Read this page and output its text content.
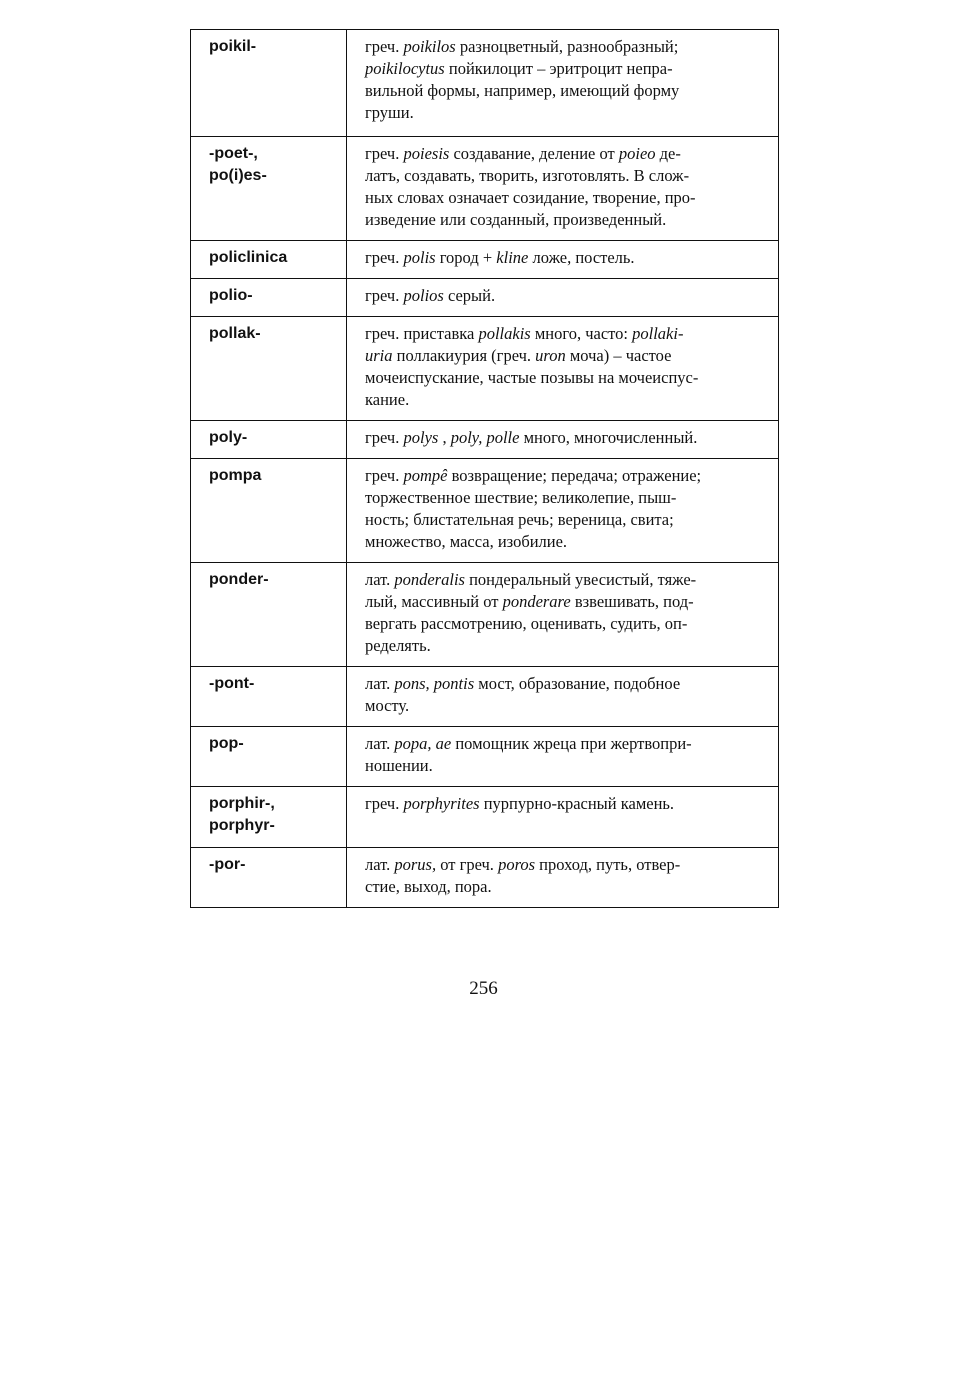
poikil-	греч. poikilos разноцветный, разнообразный;
poikilocytus пойкилоцит – эритроцит непра-
вильной формы, например, имеющий форму
груши.

-poet-,
po(i)es-	греч. poiesis создавание, деление от poieo де-
латъ, создавать, творить, изготовлять. В слож-
ных словах означает созидание, творение, про-
изведение или созданный, произведенный.

policlinica	греч. polis город + kline ложе, постель.

polio-	греч. polios серый.

pollak-	греч. приставка pollakis много, часто: pollaki-
uria поллакиурия (греч. uron моча) – частое
мочеиспускание, частые позывы на мочеиспус-
кание.

poly-	греч. polys , poly, polle много, многочисленный.

pompa	греч. pompê возвращение; передача; отражение;
торжественное шествие; великолепие, пыш-
ность; блистательная речь; вереница, свита;
множество, масса, изобилие.

ponder-	лат. ponderalis пондеральный увесистый, тяже-
лый, массивный от ponderare взвешивать, под-
вергать рассмотрению, оценивать, судить, оп-
ределять.

-pont-	лат. pons, pontis мост, образование, подобное
мосту.

pop-	лат. popa, ae помощник жреца при жертвопри-
ношении.

porphir-,
porphyr-	греч. porphyrites пурпурно-красный камень.

-por-	лат. porus, от греч. poros проход, путь, отвер-
стие, выход, пора.
256
